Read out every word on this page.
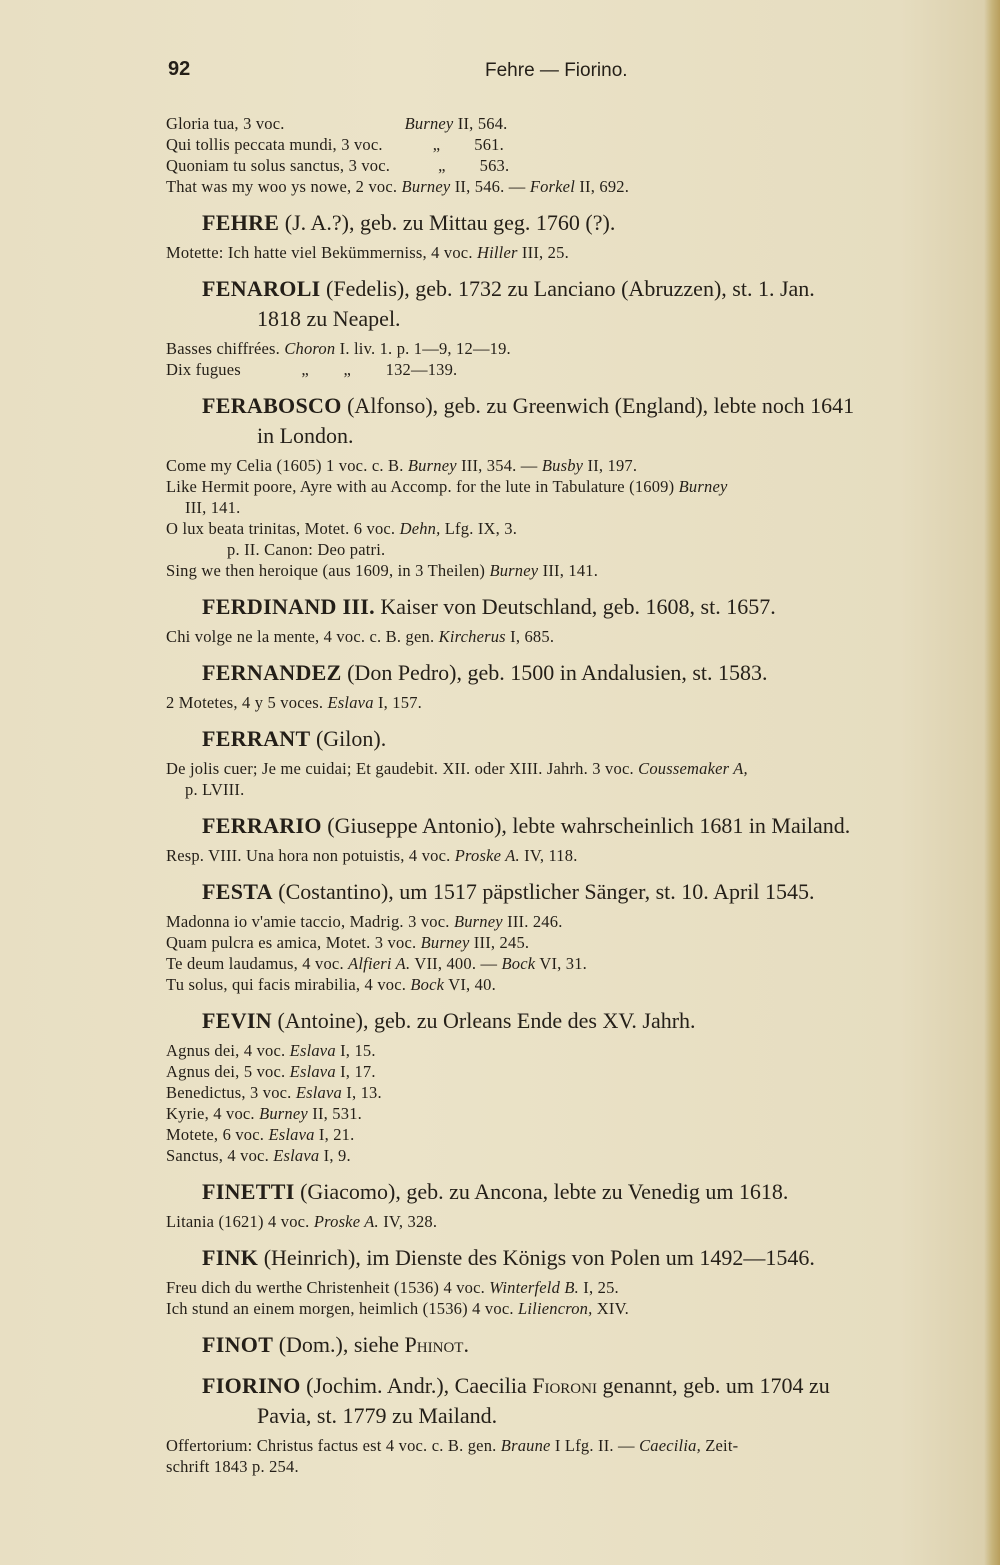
92	Fehre — Fiorino.
Gloria tua, 3 voc.	Burney II, 564.
Qui tollis peccata mundi, 3 voc.	„ 561.
Quoniam tu solus sanctus, 3 voc.	„ 563.
That was my woo ys nowe, 2 voc. Burney II, 546. — Forkel II, 692.
FEHRE (J. A.?), geb. zu Mittau geg. 1760 (?).
Motette: Ich hatte viel Bekümmerniss, 4 voc. Hiller III, 25.
FENAROLI (Fedelis), geb. 1732 zu Lanciano (Abruzzen), st. 1. Jan.
1818 zu Neapel.
Basses chiffrées. Choron I. liv. 1. p. 1—9, 12—19.
Dix fugues              „        „        132—139.
FERABOSCO (Alfonso), geb. zu Greenwich (England), lebte noch 1641
in London.
Come my Celia (1605) 1 voc. c. B. Burney III, 354. — Busby II, 197.
Like Hermit poore, Ayre with au Accomp. for the lute in Tabulature (1609) Burney
III, 141.
O lux beata trinitas, Motet. 6 voc. Dehn, Lfg. IX, 3.
p. II. Canon: Deo patri.
Sing we then heroique (aus 1609, in 3 Theilen) Burney III, 141.
FERDINAND III. Kaiser von Deutschland, geb. 1608, st. 1657.
Chi volge ne la mente, 4 voc. c. B. gen. Kircherus I, 685.
FERNANDEZ (Don Pedro), geb. 1500 in Andalusien, st. 1583.
2 Motetes, 4 y 5 voces. Eslava I, 157.
FERRANT (Gilon).
De jolis cuer; Je me cuidai; Et gaudebit. XII. oder XIII. Jahrh. 3 voc. Coussemaker A,
p. LVIII.
FERRARIO (Giuseppe Antonio), lebte wahrscheinlich 1681 in Mailand.
Resp. VIII. Una hora non potuistis, 4 voc. Proske A. IV, 118.
FESTA (Costantino), um 1517 päpstlicher Sänger, st. 10. April 1545.
Madonna io v'amie taccio, Madrig. 3 voc. Burney III. 246.
Quam pulcra es amica, Motet. 3 voc. Burney III, 245.
Te deum laudamus, 4 voc. Alfieri A. VII, 400. — Bock VI, 31.
Tu solus, qui facis mirabilia, 4 voc. Bock VI, 40.
FEVIN (Antoine), geb. zu Orleans Ende des XV. Jahrh.
Agnus dei, 4 voc. Eslava I, 15.
Agnus dei, 5 voc. Eslava I, 17.
Benedictus, 3 voc. Eslava I, 13.
Kyrie, 4 voc. Burney II, 531.
Motete, 6 voc. Eslava I, 21.
Sanctus, 4 voc. Eslava I, 9.
FINETTI (Giacomo), geb. zu Ancona, lebte zu Venedig um 1618.
Litania (1621) 4 voc. Proske A. IV, 328.
FINK (Heinrich), im Dienste des Königs von Polen um 1492—1546.
Freu dich du werthe Christenheit (1536) 4 voc. Winterfeld B. I, 25.
Ich stund an einem morgen, heimlich (1536) 4 voc. Liliencron, XIV.
FINOT (Dom.), siehe Phinot.
FIORINO (Jochim. Andr.), Caecilia Fioroni genannt, geb. um 1704 zu
Pavia, st. 1779 zu Mailand.
Offertorium: Christus factus est 4 voc. c. B. gen. Braune I Lfg. II. — Caecilia, Zeit-
schrift 1843 p. 254.
